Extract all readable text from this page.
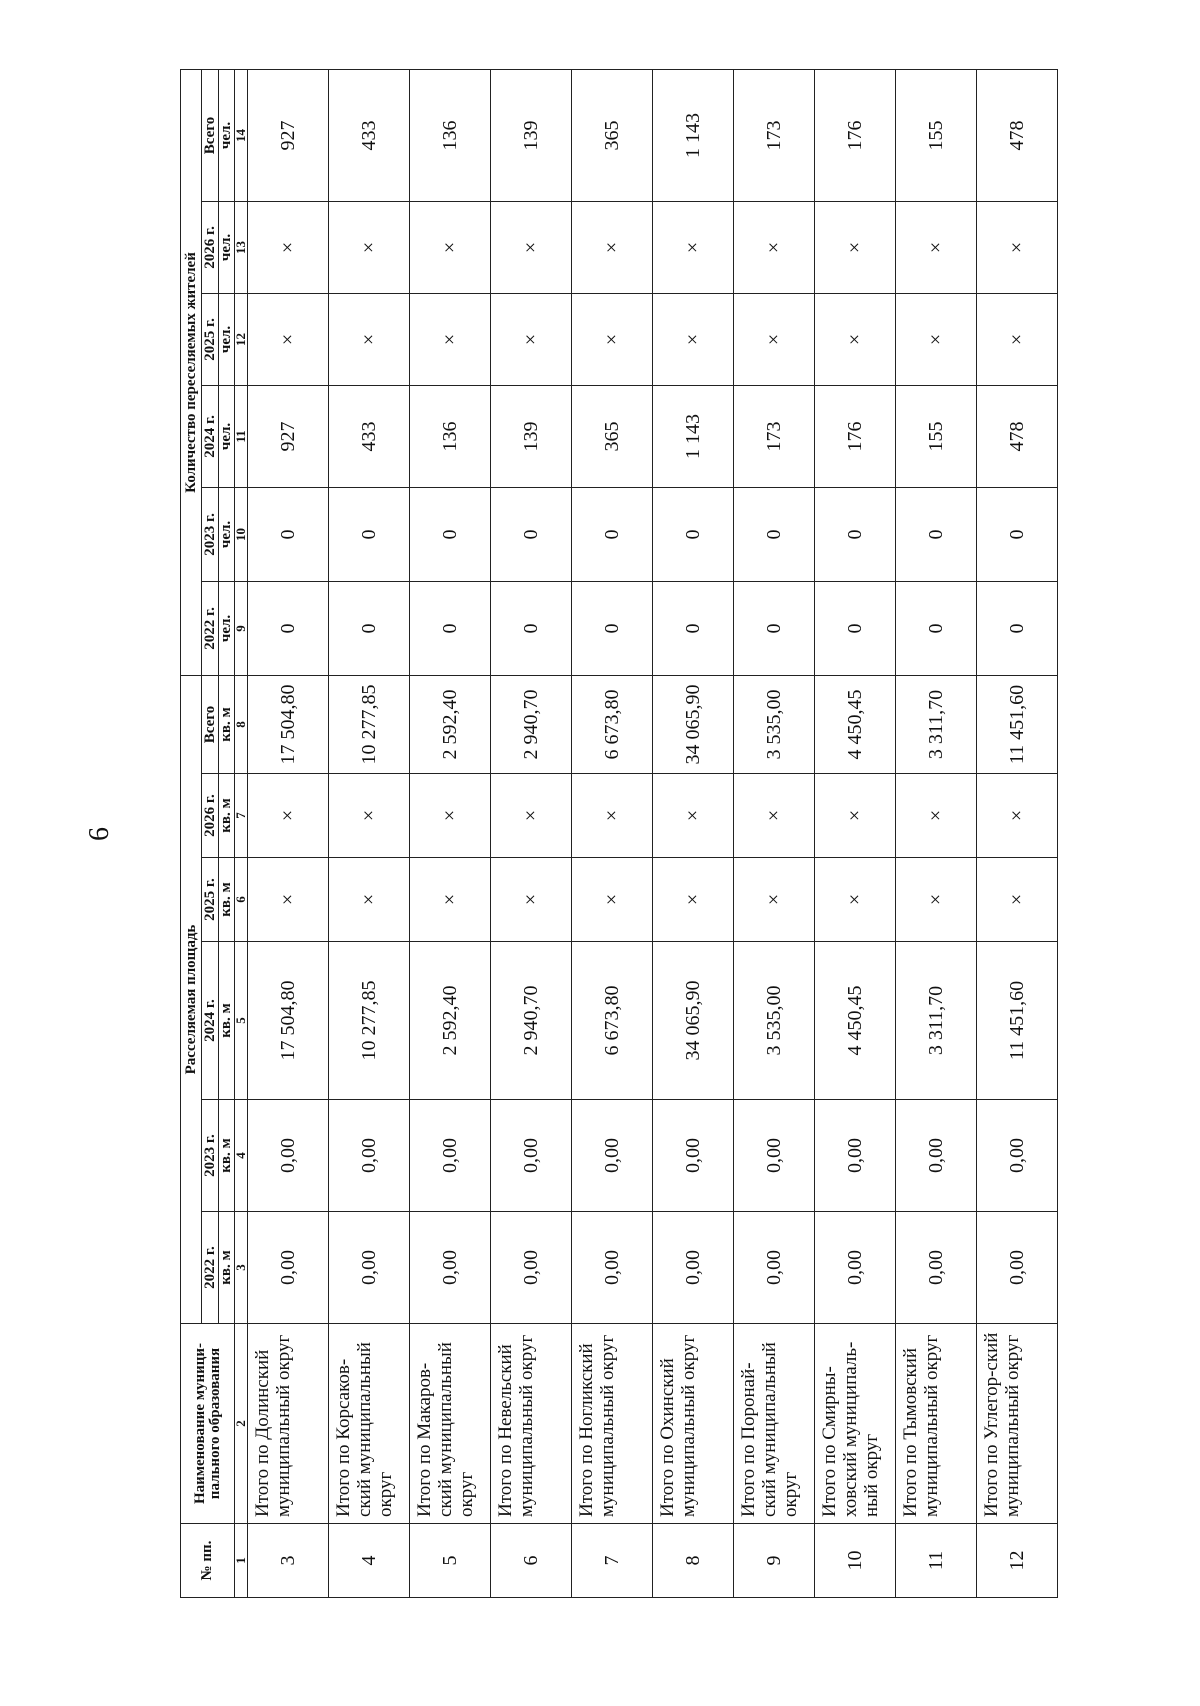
6
№ пп.	Наименование муници-пального образования	Расселяемая площадь						Количество переселяемых жителей					
		2022 г.	2023 г.	2024 г.	2025 г.	2026 г.	Всего	2022 г.	2023 г.	2024 г.	2025 г.	2026 г.	Всего
		кв. м	кв. м	кв. м	кв. м	кв. м	кв. м	чел.	чел.	чел.	чел.	чел.	чел.
1	2	3	4	5	6	7	8	9	10	11	12	13	14
3	Итого по Долинский муниципальный округ	0,00	0,00	17 504,80	×	×	17 504,80	0	0	927	×	×	927
4	Итого по Корсаков-ский муниципальный округ	0,00	0,00	10 277,85	×	×	10 277,85	0	0	433	×	×	433
5	Итого по Макаров-ский муниципальный округ	0,00	0,00	2 592,40	×	×	2 592,40	0	0	136	×	×	136
6	Итого по Невельский муниципальный округ	0,00	0,00	2 940,70	×	×	2 940,70	0	0	139	×	×	139
7	Итого по Ногликский муниципальный округ	0,00	0,00	6 673,80	×	×	6 673,80	0	0	365	×	×	365
8	Итого по Охинский муниципальный округ	0,00	0,00	34 065,90	×	×	34 065,90	0	0	1 143	×	×	1 143
9	Итого по Поронай-ский муниципальный округ	0,00	0,00	3 535,00	×	×	3 535,00	0	0	173	×	×	173
10	Итого по Смирны-ховский муниципаль-ный округ	0,00	0,00	4 450,45	×	×	4 450,45	0	0	176	×	×	176
11	Итого по Тымовский муниципальный округ	0,00	0,00	3 311,70	×	×	3 311,70	0	0	155	×	×	155
12	Итого по Углегор-ский муниципальный округ	0,00	0,00	11 451,60	×	×	11 451,60	0	0	478	×	×	478
